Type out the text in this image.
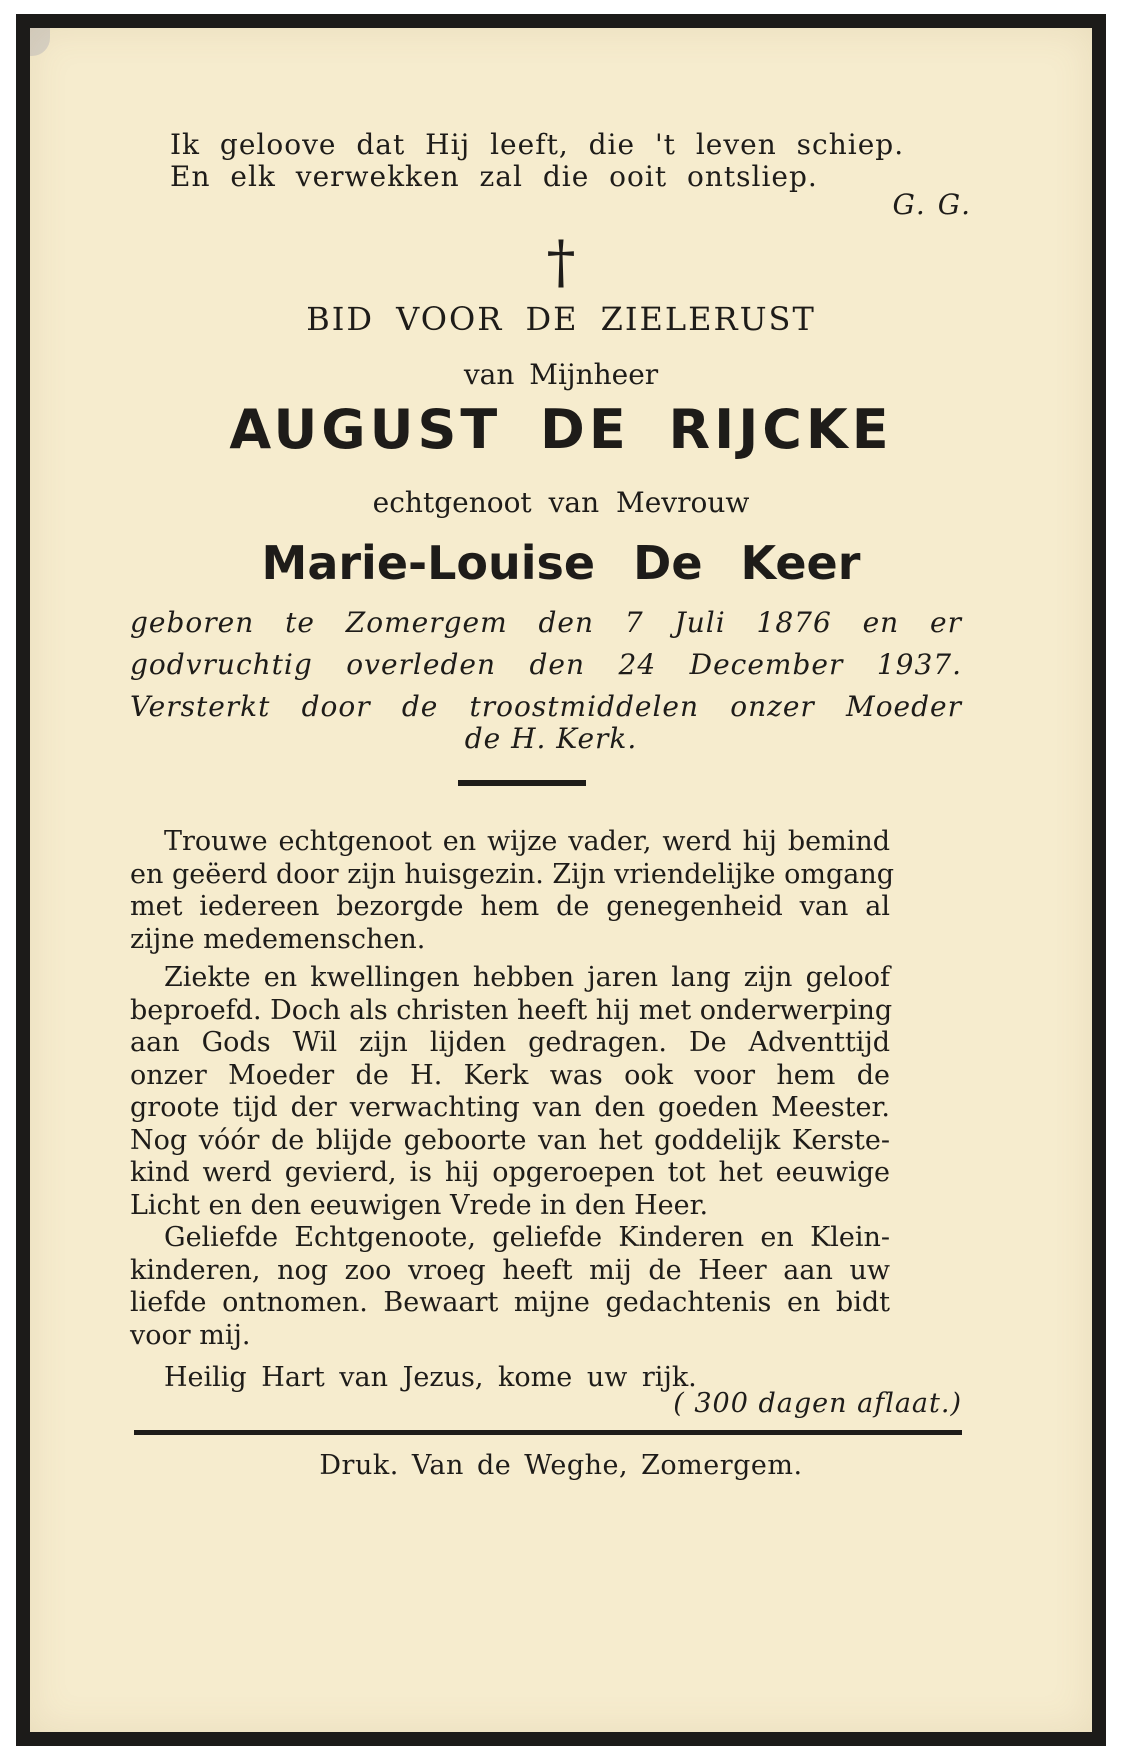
Ik geloove dat Hij leeft, die 't leven schiep.
En elk verwekken zal die ooit ontsliep.
G. G.
†
BID VOOR DE ZIELERUST
van Mijnheer
AUGUST DE RIJCKE
echtgenoot van Mevrouw
Marie-Louise De Keer
geboren te Zomergem den 7 Juli 1876 en er
godvruchtig overleden den 24 December 1937.
Versterkt door de troostmiddelen onzer Moeder
de H. Kerk.
Trouwe echtgenoot en wijze vader, werd hij bemind
en geëerd door zijn huisgezin. Zijn vriendelijke omgang
met iedereen bezorgde hem de genegenheid van al
zijne medemenschen.
Ziekte en kwellingen hebben jaren lang zijn geloof
beproefd. Doch als christen heeft hij met onderwerping
aan Gods Wil zijn lijden gedragen. De Adventtijd
onzer Moeder de H. Kerk was ook voor hem de
groote tijd der verwachting van den goeden Meester.
Nog vóór de blijde geboorte van het goddelijk Kerste-
kind werd gevierd, is hij opgeroepen tot het eeuwige
Licht en den eeuwigen Vrede in den Heer.
Geliefde Echtgenoote, geliefde Kinderen en Klein-
kinderen, nog zoo vroeg heeft mij de Heer aan uw
liefde ontnomen. Bewaart mijne gedachtenis en bidt
voor mij.
Heilig Hart van Jezus, kome uw rijk.
( 300 dagen aflaat.)
Druk. Van de Weghe, Zomergem.
